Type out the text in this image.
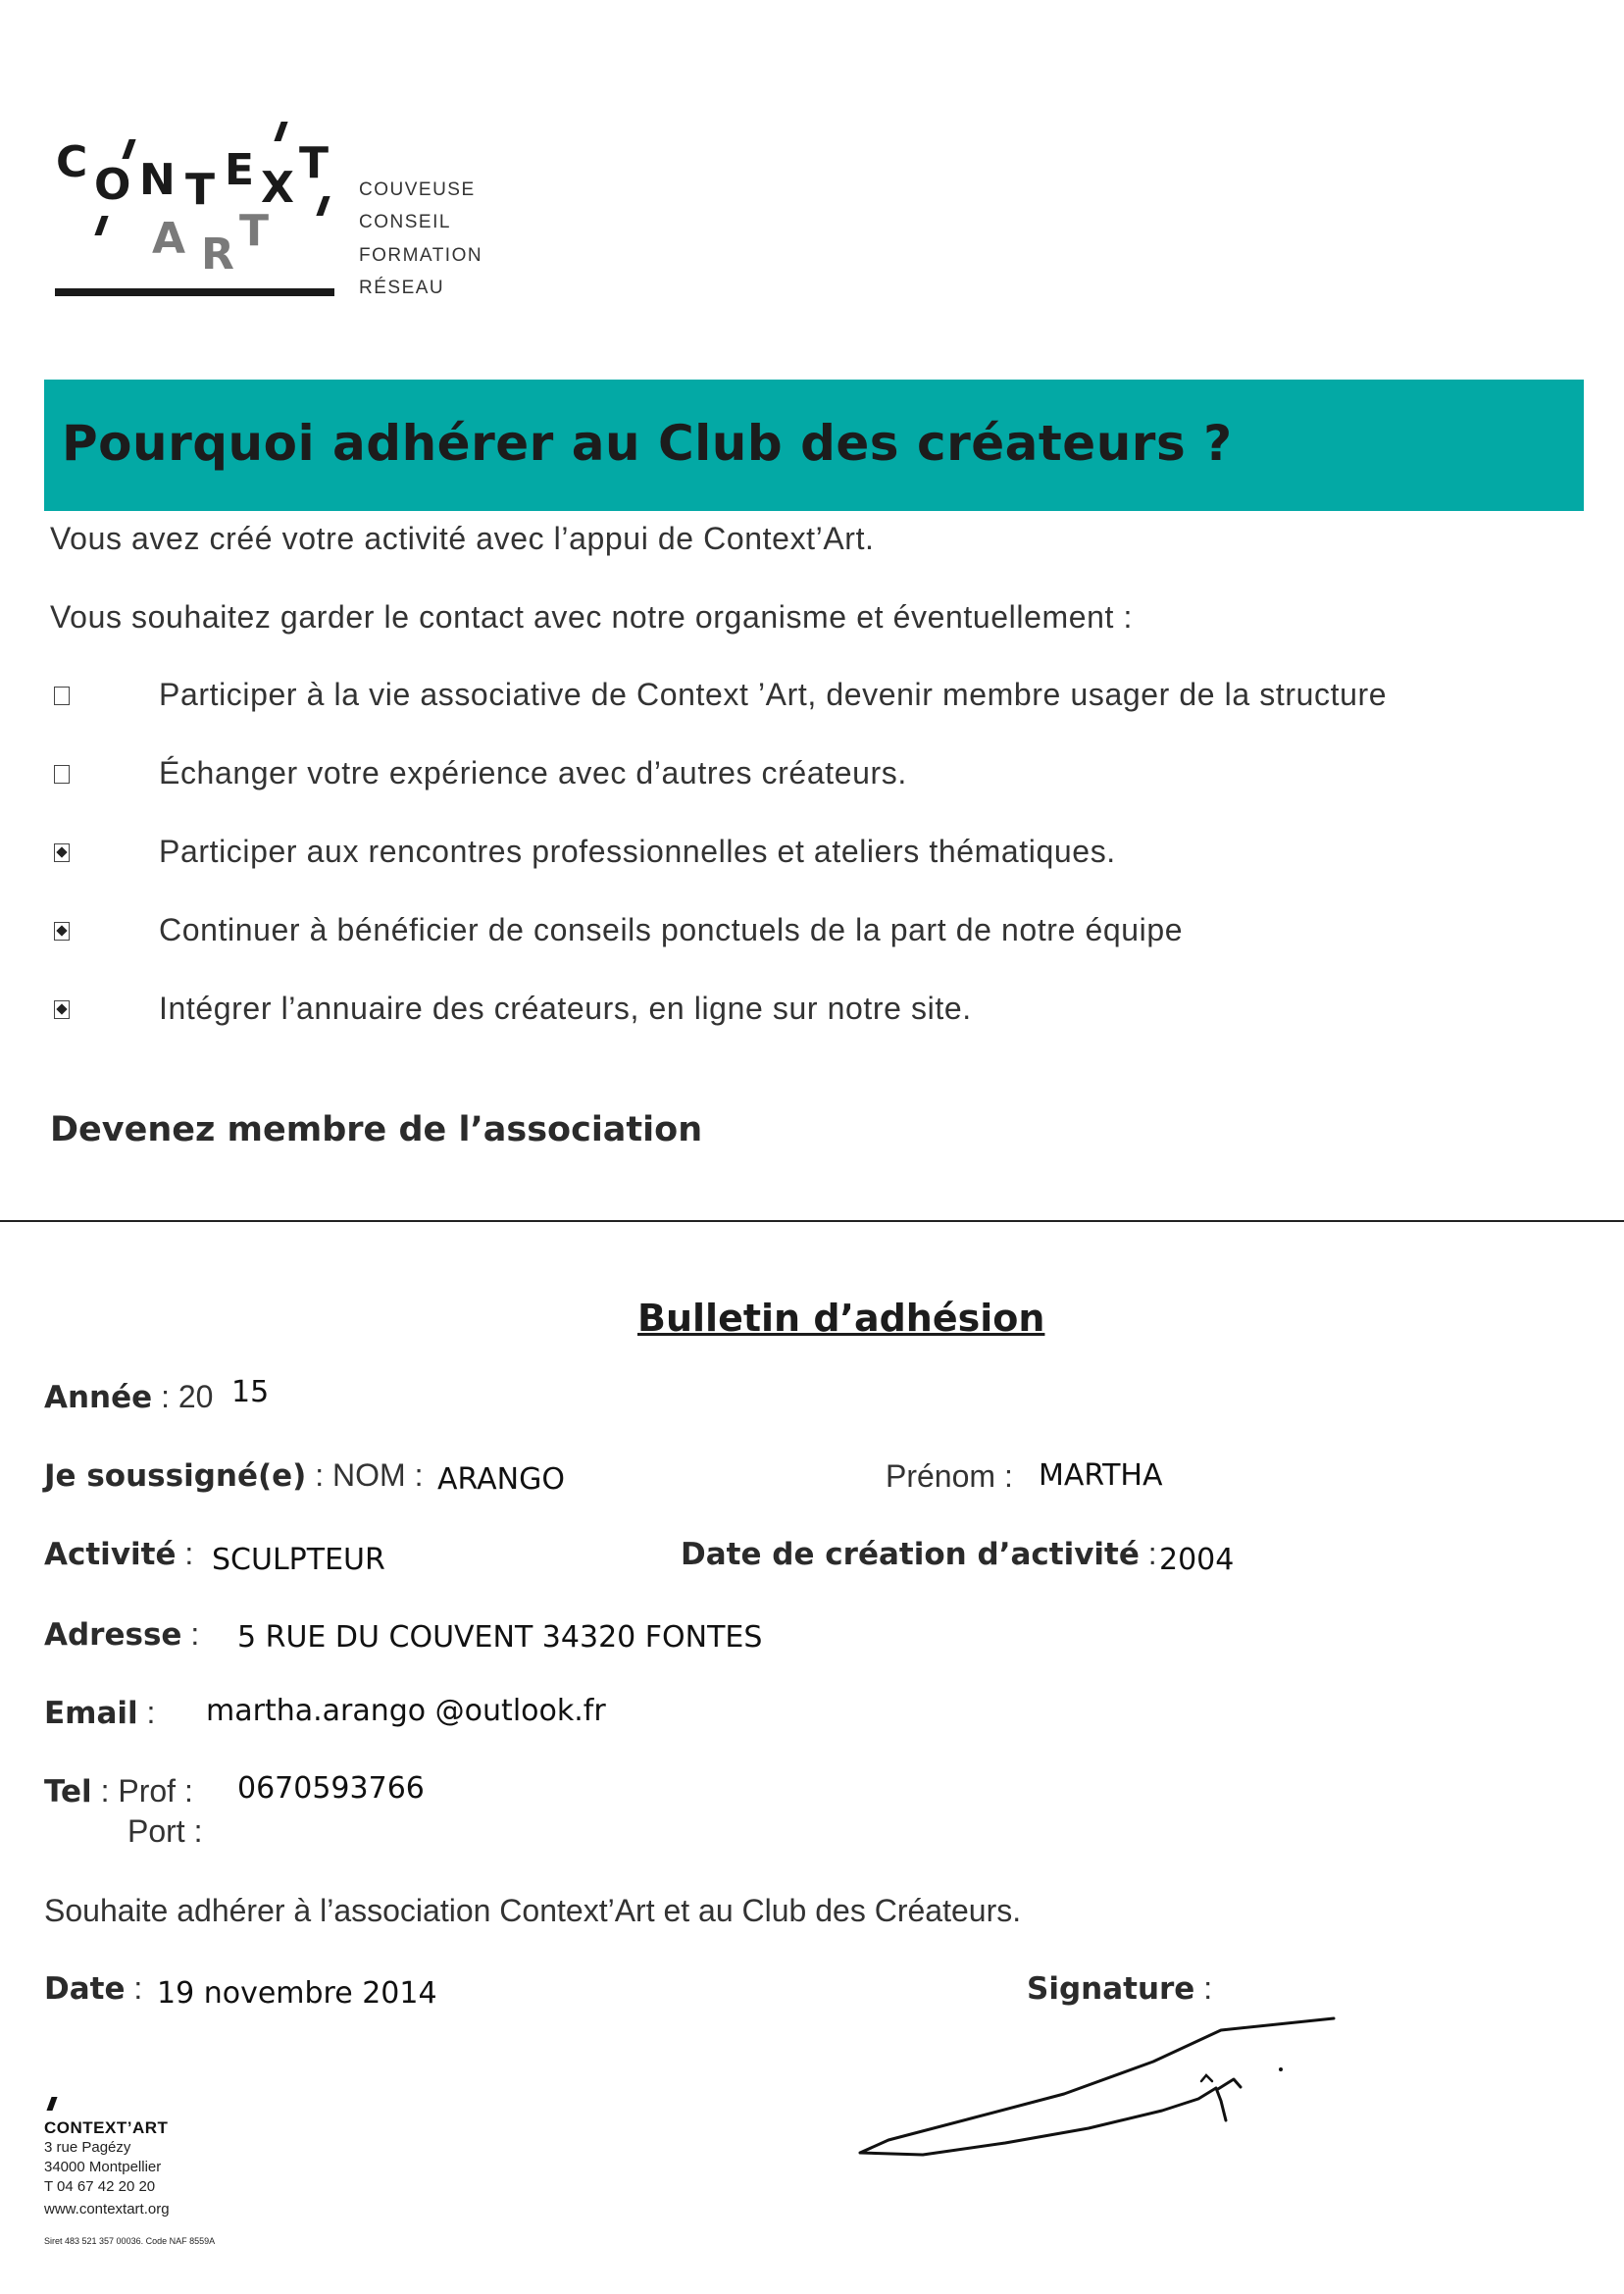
C O N T E X T
A R T
COUVEUSE
CONSEIL
FORMATION
RÉSEAU
Pourquoi adhérer au Club des créateurs ?
Vous avez créé votre activité avec l’appui de Context’Art.
Vous souhaitez garder le contact avec notre organisme et éventuellement :
Participer à la vie associative de Context ’Art, devenir membre usager de la structure
Échanger votre expérience avec d’autres créateurs.
Participer aux rencontres professionnelles et ateliers thématiques.
Continuer à bénéficier de conseils ponctuels de la part de notre équipe
Intégrer l’annuaire des créateurs, en ligne sur notre site.
Devenez membre de l’association
Bulletin d’adhésion
Année : 20 15
Je soussigné(e) : NOM : ARANGO	Prénom : MARTHA
Activité : SCULPTEUR	Date de création d’activité : 2004
Adresse : 5 RUE DU COUVENT 34320 FONTES
Email : martha.arango @outlook.fr
Tel : Prof : 0670593766
Port :
Souhaite adhérer à l’association Context’Art et au Club des Créateurs.
Date : 19 novembre 2014	Signature :
CONTEXT’ART
3 rue Pagézy
34000 Montpellier
T 04 67 42 20 20
www.contextart.org
Siret 483 521 357 00036. Code NAF 8559A
